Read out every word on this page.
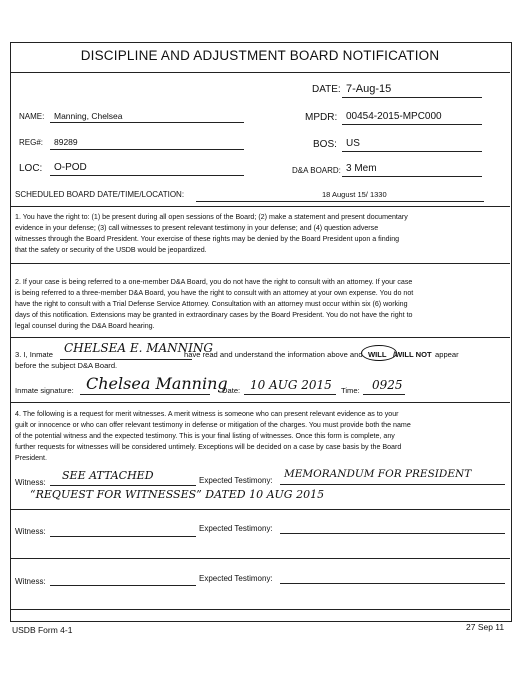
DISCIPLINE AND ADJUSTMENT BOARD NOTIFICATION
DATE: 7-Aug-15
NAME: Manning, Chelsea	MPDR: 00454-2015-MPC000
REG#: 89289	BOS: US
LOC: O-POD	D&A BOARD: 3 Mem
SCHEDULED BOARD DATE/TIME/LOCATION:	18 August 15/ 1330
1. You have the right to: (1) be present during all open sessions of the Board; (2) make a statement and present documentary
evidence in your defense; (3) call witnesses to present relevant testimony in your defense; and (4) question adverse
witnesses through the Board President. Your exercise of these rights may be denied by the Board President upon a finding
that the safety or security of the USDB would be jeopardized.
2. If your case is being referred to a one-member D&A Board, you do not have the right to consult with an attorney. If your case
is being referred to a three-member D&A Board, you have the right to consult with an attorney at your own expense. You do not
have the right to consult with a Trial Defense Service Attorney. Consultation with an attorney must occur within six (6) working
days of this notification. Extensions may be granted in extraordinary cases by the Board President. You do not have the right to
legal counsel during the D&A Board hearing.
3. I, Inmate CHELSEA E. MANNING
have read and understand the information above and WILL /WILL NOT appear
before the subject D&A Board.
Inmate signature: Chelsea Manning
Date: 10 AUG 2015 Time: 0925
4. The following is a request for merit witnesses. A merit witness is someone who can present relevant evidence as to your
guilt or innocence or who can offer relevant testimony in defense or mitigation of the charges. You must provide both the name
of the potential witness and the expected testimony. This is your final listing of witnesses. Once this form is complete, any
further requests for witnesses will be considered untimely. Exceptions will be decided on a case by case basis by the Board
President.
Witness:
SEE ATTACHED	Expected Testimony:
MEMORANDUM FOR PRESIDENT
“REQUEST FOR WITNESSES” DATED 10 AUG 2015
Witness:	Expected Testimony:
Witness:	Expected Testimony:
USDB Form 4-1	27 Sep 11
